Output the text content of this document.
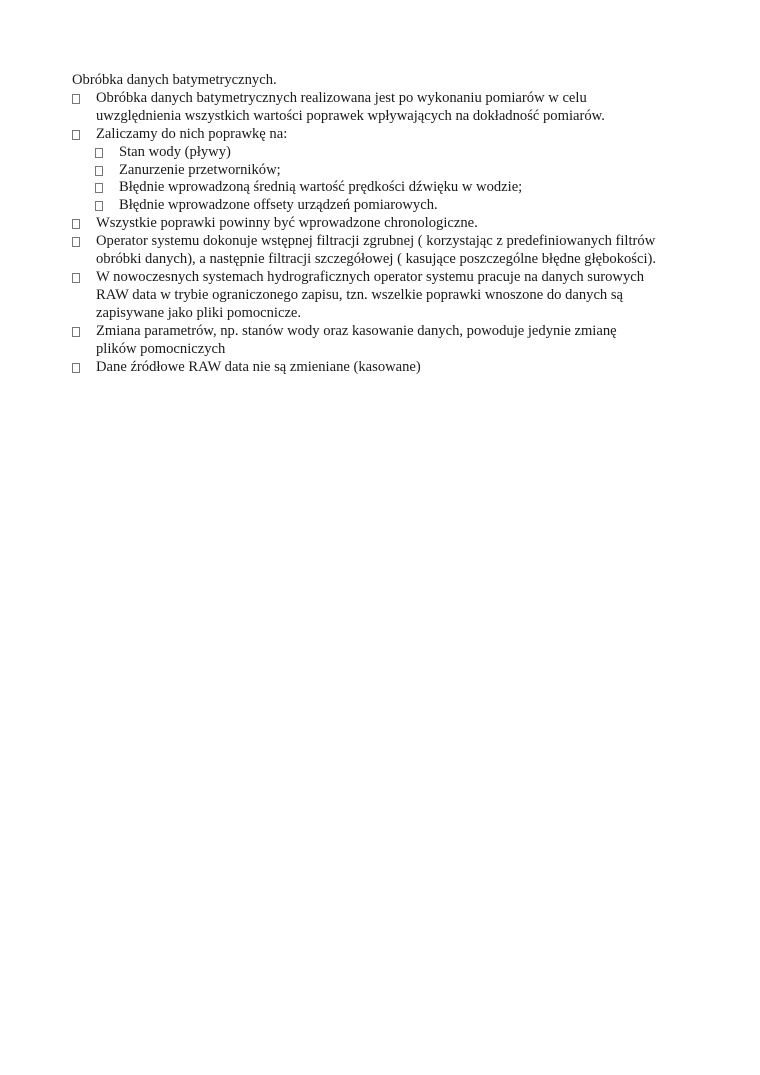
Obróbka danych batymetrycznych.

Obróbka danych batymetrycznych realizowana jest po wykonaniu pomiarów w celu
uwzględnienia wszystkich wartości poprawek wpływających na dokładność pomiarów.
Zaliczamy do nich poprawkę na:
Stan wody (pływy)
Zanurzenie przetworników;
Błędnie wprowadzoną średnią wartość prędkości dźwięku w wodzie;
Błędnie wprowadzone offsety urządzeń pomiarowych.
Wszystkie poprawki powinny być wprowadzone chronologiczne.
Operator systemu dokonuje wstępnej filtracji zgrubnej ( korzystając z predefiniowanych filtrów
obróbki danych), a następnie filtracji szczegółowej ( kasujące poszczególne błędne głębokości).
W nowoczesnych systemach hydrograficznych operator systemu pracuje na danych surowych
RAW data w trybie ograniczonego zapisu, tzn. wszelkie poprawki wnoszone do danych są
zapisywane jako pliki pomocnicze.
Zmiana parametrów, np. stanów wody oraz kasowanie danych, powoduje jedynie zmianę
plików pomocniczych
Dane źródłowe RAW data nie są zmieniane (kasowane)
